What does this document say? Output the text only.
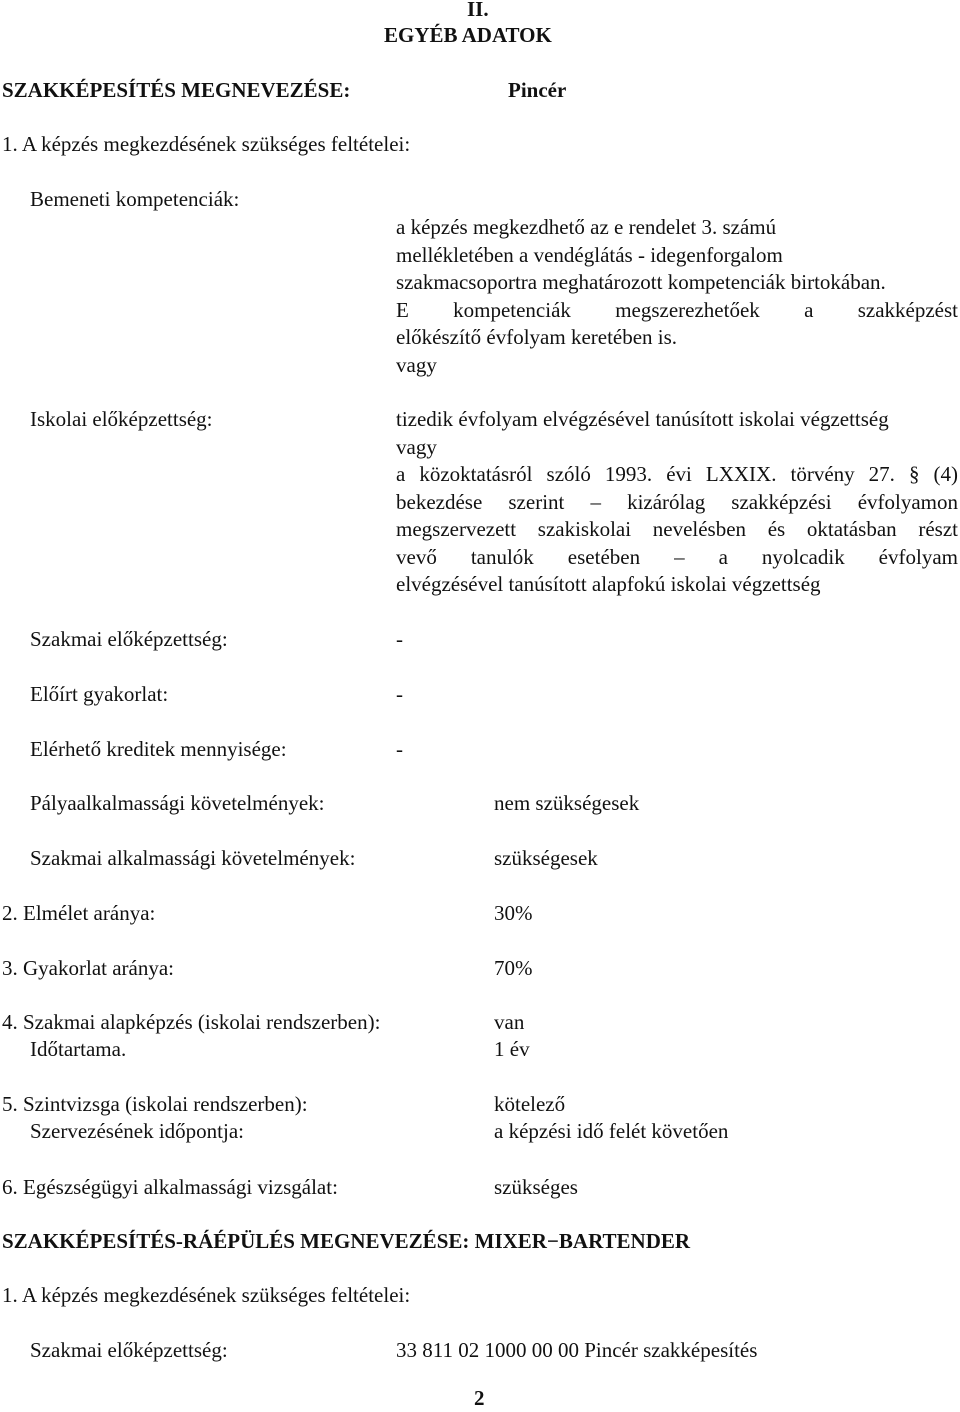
II.
EGYÉB ADATOK
SZAKKÉPESÍTÉS MEGNEVEZÉSE:	Pincér
1. A képzés megkezdésének szükséges feltételei:
Bemeneti kompetenciák:
a képzés megkezdhető az e rendelet 3. számú
mellékletében a vendéglátás - idegenforgalom
szakmacsoportra meghatározott kompetenciák birtokában.
E kompetenciák megszerezhetőek a szakképzést
előkészítő évfolyam keretében is.
vagy
Iskolai előképzettség:	tizedik évfolyam elvégzésével tanúsított iskolai végzettség
vagy
a közoktatásról szóló 1993. évi LXXIX. törvény 27. § (4)
bekezdése szerint – kizárólag szakképzési évfolyamon
megszervezett szakiskolai nevelésben és oktatásban részt
vevő tanulók esetében – a nyolcadik évfolyam
elvégzésével tanúsított alapfokú iskolai végzettség
Szakmai előképzettség:	-
Előírt gyakorlat:	-
Elérhető kreditek mennyisége:	-
Pályaalkalmassági követelmények:	nem szükségesek
Szakmai alkalmassági követelmények:	szükségesek
2. Elmélet aránya:	30%
3. Gyakorlat aránya:	70%
4. Szakmai alapképzés (iskolai rendszerben):	van
Időtartama.	1 év
5. Szintvizsga (iskolai rendszerben):	kötelező
Szervezésének időpontja:	a képzési idő felét követően
6. Egészségügyi alkalmassági vizsgálat:	szükséges
SZAKKÉPESÍTÉS-RÁÉPÜLÉS MEGNEVEZÉSE: MIXER−BARTENDER
1. A képzés megkezdésének szükséges feltételei:
Szakmai előképzettség:	33 811 02 1000 00 00 Pincér szakképesítés
2
